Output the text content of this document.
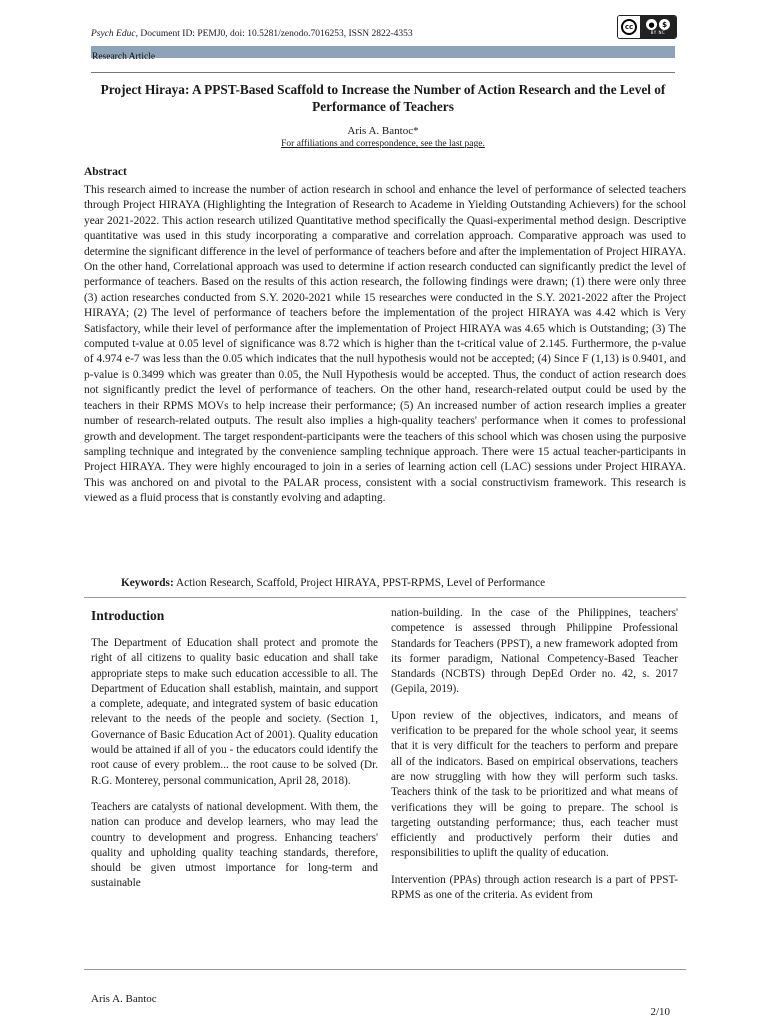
Psych Educ, Document ID: PEMJ0, doi: 10.5281/zenodo.7016253, ISSN 2822-4353
cc	●	$
BY NC
Research Article
Project Hiraya: A PPST-Based Scaffold to Increase the Number of Action Research and the Level of Performance of Teachers
Aris A. Bantoc*
For affiliations and correspondence, see the last page.
Abstract
This research aimed to increase the number of action research in school and enhance the level of performance of selected teachers through Project HIRAYA (Highlighting the Integration of Research to Academe in Yielding Outstanding Achievers) for the school year 2021-2022. This action research utilized Quantitative method specifically the Quasi-experimental method design. Descriptive quantitative was used in this study incorporating a comparative and correlation approach. Comparative approach was used to determine the significant difference in the level of performance of teachers before and after the implementation of Project HIRAYA. On the other hand, Correlational approach was used to determine if action research conducted can significantly predict the level of performance of teachers. Based on the results of this action research, the following findings were drawn; (1) there were only three (3) action researches conducted from S.Y. 2020-2021 while 15 researches were conducted in the S.Y. 2021-2022 after the Project HIRAYA; (2) The level of performance of teachers before the implementation of the project HIRAYA was 4.42 which is Very Satisfactory, while their level of performance after the implementation of Project HIRAYA was 4.65 which is Outstanding; (3) The computed t-value at 0.05 level of significance was 8.72 which is higher than the t-critical value of 2.145. Furthermore, the p-value of 4.974 e-7 was less than the 0.05 which indicates that the null hypothesis would not be accepted; (4) Since F (1,13) is 0.9401, and p-value is 0.3499 which was greater than 0.05, the Null Hypothesis would be accepted. Thus, the conduct of action research does not significantly predict the level of performance of teachers. On the other hand, research-related output could be used by the teachers in their RPMS MOVs to help increase their performance; (5) An increased number of action research implies a greater number of research-related outputs. The result also implies a high-quality teachers' performance when it comes to professional growth and development. The target respondent-participants were the teachers of this school which was chosen using the purposive sampling technique and integrated by the convenience sampling technique approach. There were 15 actual teacher-participants in Project HIRAYA. They were highly encouraged to join in a series of learning action cell (LAC) sessions under Project HIRAYA. This was anchored on and pivotal to the PALAR process, consistent with a social constructivism framework. This research is viewed as a fluid process that is constantly evolving and adapting.
Keywords: Action Research, Scaffold, Project HIRAYA, PPST-RPMS, Level of Performance
Introduction

The Department of Education shall protect and promote the right of all citizens to quality basic education and shall take appropriate steps to make such education accessible to all. The Department of Education shall establish, maintain, and support a complete, adequate, and integrated system of basic education relevant to the needs of the people and society. (Section 1, Governance of Basic Education Act of 2001). Quality education would be attained if all of you - the educators could identify the root cause of every problem... the root cause to be solved (Dr. R.G. Monterey, personal communication, April 28, 2018).

Teachers are catalysts of national development. With them, the nation can produce and develop learners, who may lead the country to development and progress. Enhancing teachers' quality and upholding quality teaching standards, therefore, should be given utmost importance for long-term and sustainable

nation-building. In the case of the Philippines, teachers' competence is assessed through Philippine Professional Standards for Teachers (PPST), a new framework adopted from its former paradigm, National Competency-Based Teacher Standards (NCBTS) through DepEd Order no. 42, s. 2017 (Gepila, 2019).

Upon review of the objectives, indicators, and means of verification to be prepared for the whole school year, it seems that it is very difficult for the teachers to perform and prepare all of the indicators. Based on empirical observations, teachers are now struggling with how they will perform such tasks. Teachers think of the task to be prioritized and what means of verifications they will be going to prepare. The school is targeting outstanding performance; thus, each teacher must efficiently and productively perform their duties and responsibilities to uplift the quality of education.

Intervention (PPAs) through action research is a part of PPST-RPMS as one of the criteria. As evident from

Aris A. Bantoc
2/10
